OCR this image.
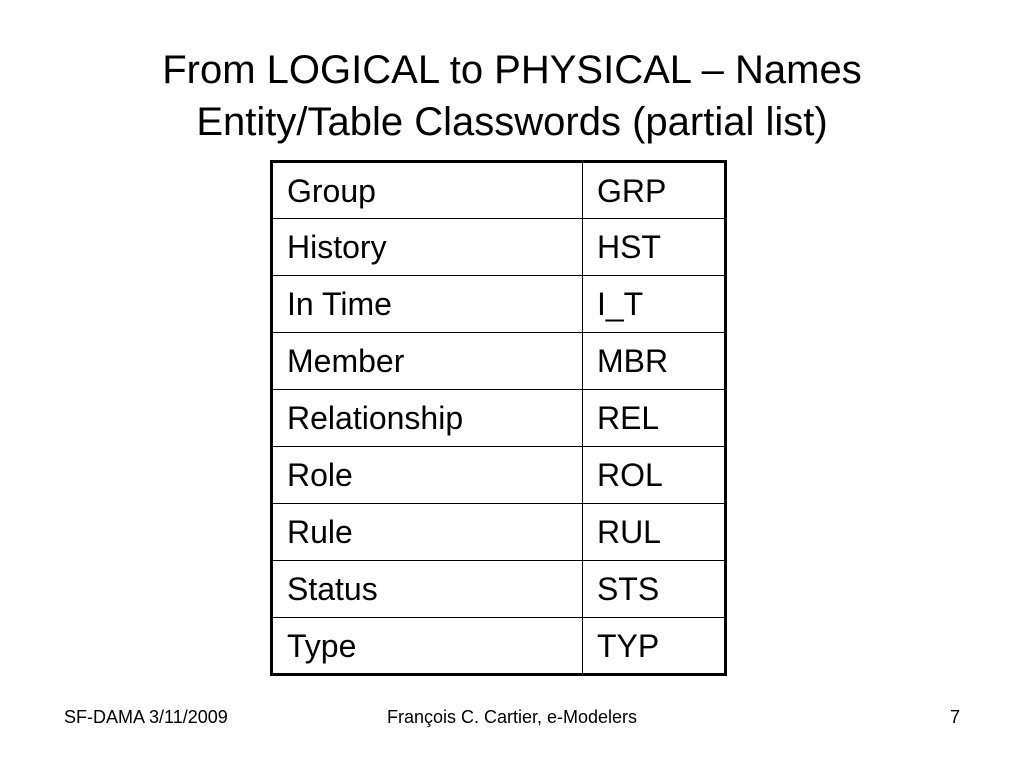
From LOGICAL to PHYSICAL – Names
Entity/Table Classwords (partial list)
Group	GRP
History	HST
In Time	I_T
Member	MBR
Relationship	REL
Role	ROL
Rule	RUL
Status	STS
Type	TYP
SF-DAMA 3/11/2009	François C. Cartier, e-Modelers	7
